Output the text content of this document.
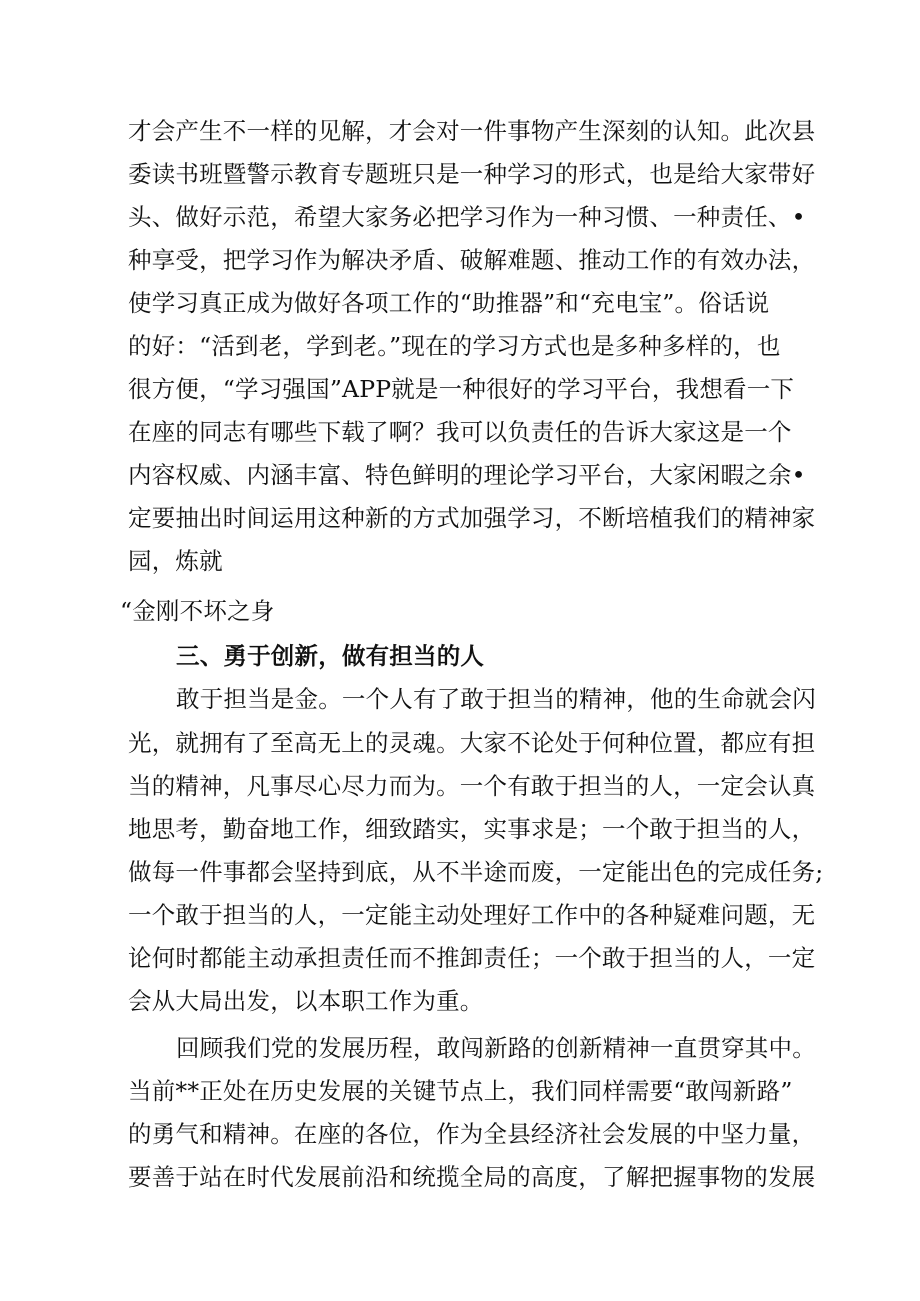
才会产生不一样的见解，才会对一件事物产生深刻的认知。此次县
委读书班暨警示教育专题班只是一种学习的形式，也是给大家带好
头、做好示范，希望大家务必把学习作为一种习惯、一种责任、•
种享受，把学习作为解决矛盾、破解难题、推动工作的有效办法，
使学习真正成为做好各项工作的“助推器”和“充电宝”。俗话说
的好：“活到老，学到老。”现在的学习方式也是多种多样的，也
很方便，“学习强国”APP就是一种很好的学习平台，我想看一下
在座的同志有哪些下载了啊？我可以负责任的告诉大家这是一个
内容权威、内涵丰富、特色鲜明的理论学习平台，大家闲暇之余•
定要抽出时间运用这种新的方式加强学习，不断培植我们的精神家
园，炼就
“金刚不坏之身
三、勇于创新，做有担当的人
敢于担当是金。一个人有了敢于担当的精神，他的生命就会闪
光，就拥有了至高无上的灵魂。大家不论处于何种位置，都应有担
当的精神，凡事尽心尽力而为。一个有敢于担当的人，一定会认真
地思考，勤奋地工作，细致踏实，实事求是；一个敢于担当的人，
做每一件事都会坚持到底，从不半途而废，一定能出色的完成任务;
一个敢于担当的人，一定能主动处理好工作中的各种疑难问题，无
论何时都能主动承担责任而不推卸责任；一个敢于担当的人，一定
会从大局出发，以本职工作为重。
回顾我们党的发展历程，敢闯新路的创新精神一直贯穿其中。
当前**正处在历史发展的关键节点上，我们同样需要“敢闯新路”
的勇气和精神。在座的各位，作为全县经济社会发展的中坚力量，
要善于站在时代发展前沿和统揽全局的高度，了解把握事物的发展
